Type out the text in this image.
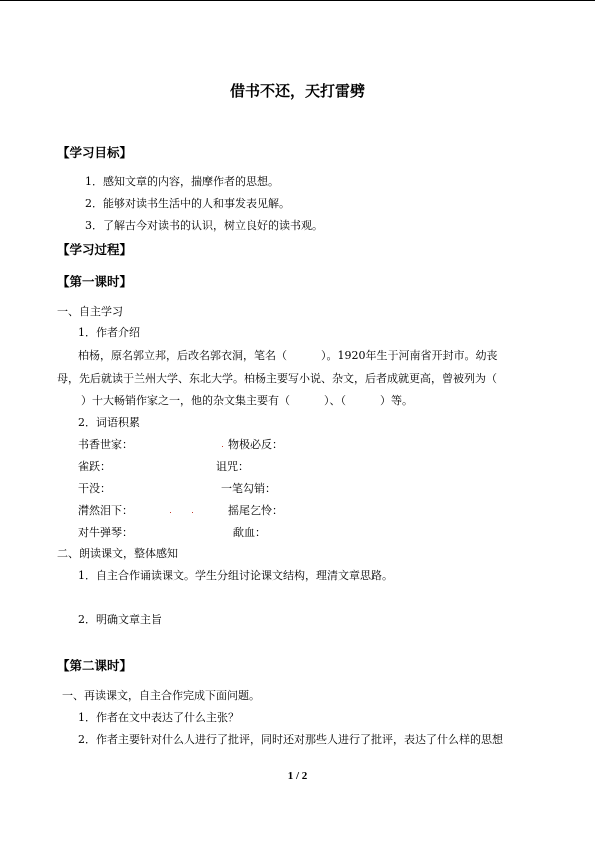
借书不还，天打雷劈
【学习目标】
1．感知文章的内容，揣摩作者的思想。
2．能够对读书生活中的人和事发表见解。
3．了解古今对读书的认识，树立良好的读书观。
【学习过程】
【第一课时】
一、自主学习
1．作者介绍
柏杨，原名郭立邦，后改名郭衣洞，笔名（	）。1920年生于河南省开封市。幼丧
母，先后就读于兰州大学、东北大学。柏杨主要写小说、杂文，后者成就更高，曾被列为（
）十大畅销作家之一，他的杂文集主要有（	）、（	）等。
2．词语积累
书香世家：	物极必反：
雀跃：	诅咒：
干没：	一笔勾销：
潸然泪下：	摇尾乞怜：
对牛弹琴：	歃血：
二、朗读课文，整体感知
1．自主合作诵读课文。学生分组讨论课文结构，理清文章思路。
2．明确文章主旨
【第二课时】
一、再读课文，自主合作完成下面问题。
1．作者在文中表达了什么主张？
2．作者主要针对什么人进行了批评，同时还对那些人进行了批评，表达了什么样的思想
1 / 2
